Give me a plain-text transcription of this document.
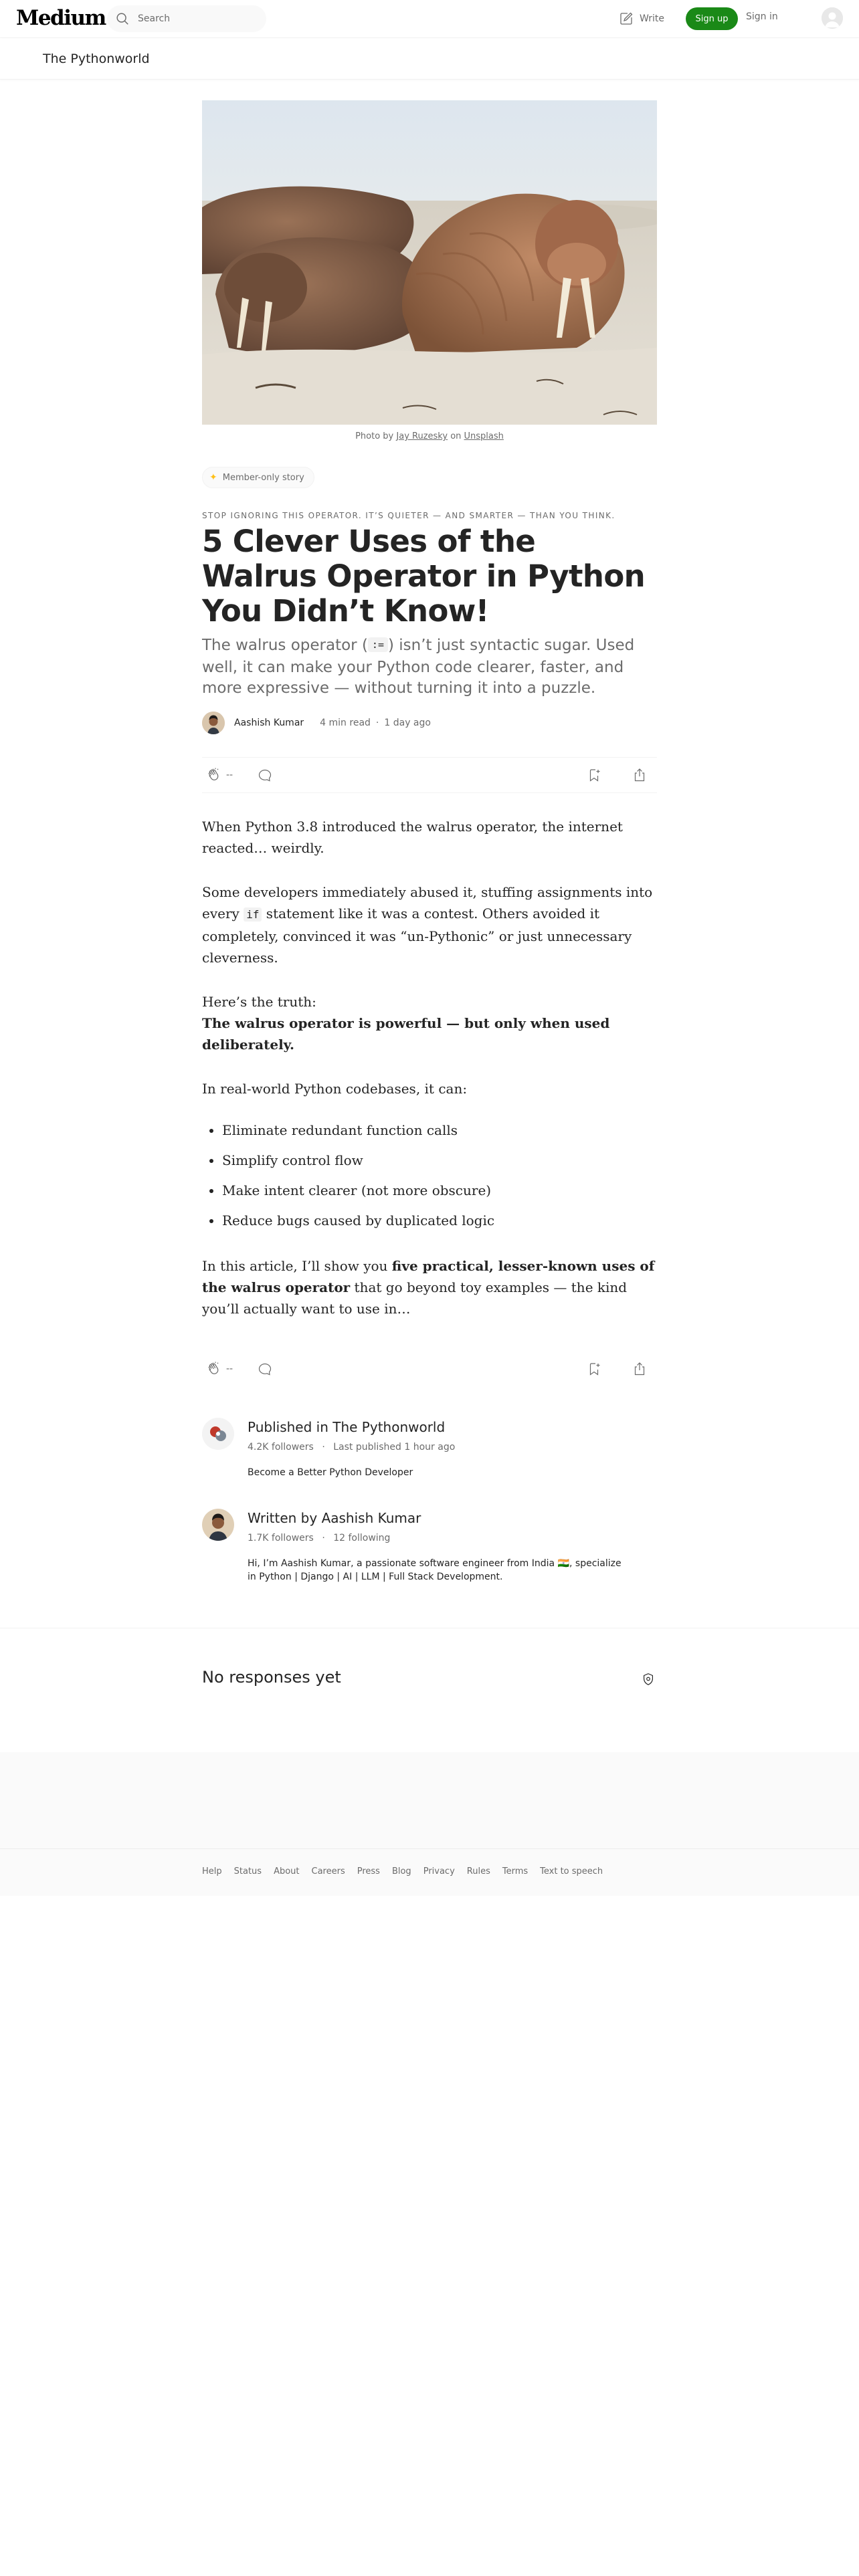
Medium
Search	Write	Sign up	Sign in
The Pythonworld
Photo by Jay Ruzesky on Unsplash
✦ Member-only story
STOP IGNORING THIS OPERATOR. IT’S QUIETER — AND SMARTER — THAN YOU THINK.
5 Clever Uses of the Walrus Operator in Python You Didn’t Know!
The walrus operator ( := ) isn’t just syntactic sugar. Used well, it can make your Python code clearer, faster, and more expressive — without turning it into a puzzle.
Aashish Kumar 4 min read · 1 day ago
--

When Python 3.8 introduced the walrus operator, the internet reacted… weirdly.

Some developers immediately abused it, stuffing assignments into every if statement like it was a contest. Others avoided it completely, convinced it was “un-Pythonic” or just unnecessary cleverness.

Here’s the truth:
The walrus operator is powerful — but only when used deliberately.

In real-world Python codebases, it can:

• Eliminate redundant function calls
• Simplify control flow
• Make intent clearer (not more obscure)
• Reduce bugs caused by duplicated logic

In this article, I’ll show you five practical, lesser-known uses of the walrus operator that go beyond toy examples — the kind you’ll actually want to use in…

--
Published in The Pythonworld
4.2K followers · Last published 1 hour ago
Become a Better Python Developer
Written by Aashish Kumar
1.7K followers · 12 following
Hi, I’m Aashish Kumar, a passionate software engineer from India 🇮🇳, specialize in Python | Django | AI | LLM | Full Stack Development.
No responses yet
Help Status About Careers Press Blog Privacy Rules Terms Text to speech
